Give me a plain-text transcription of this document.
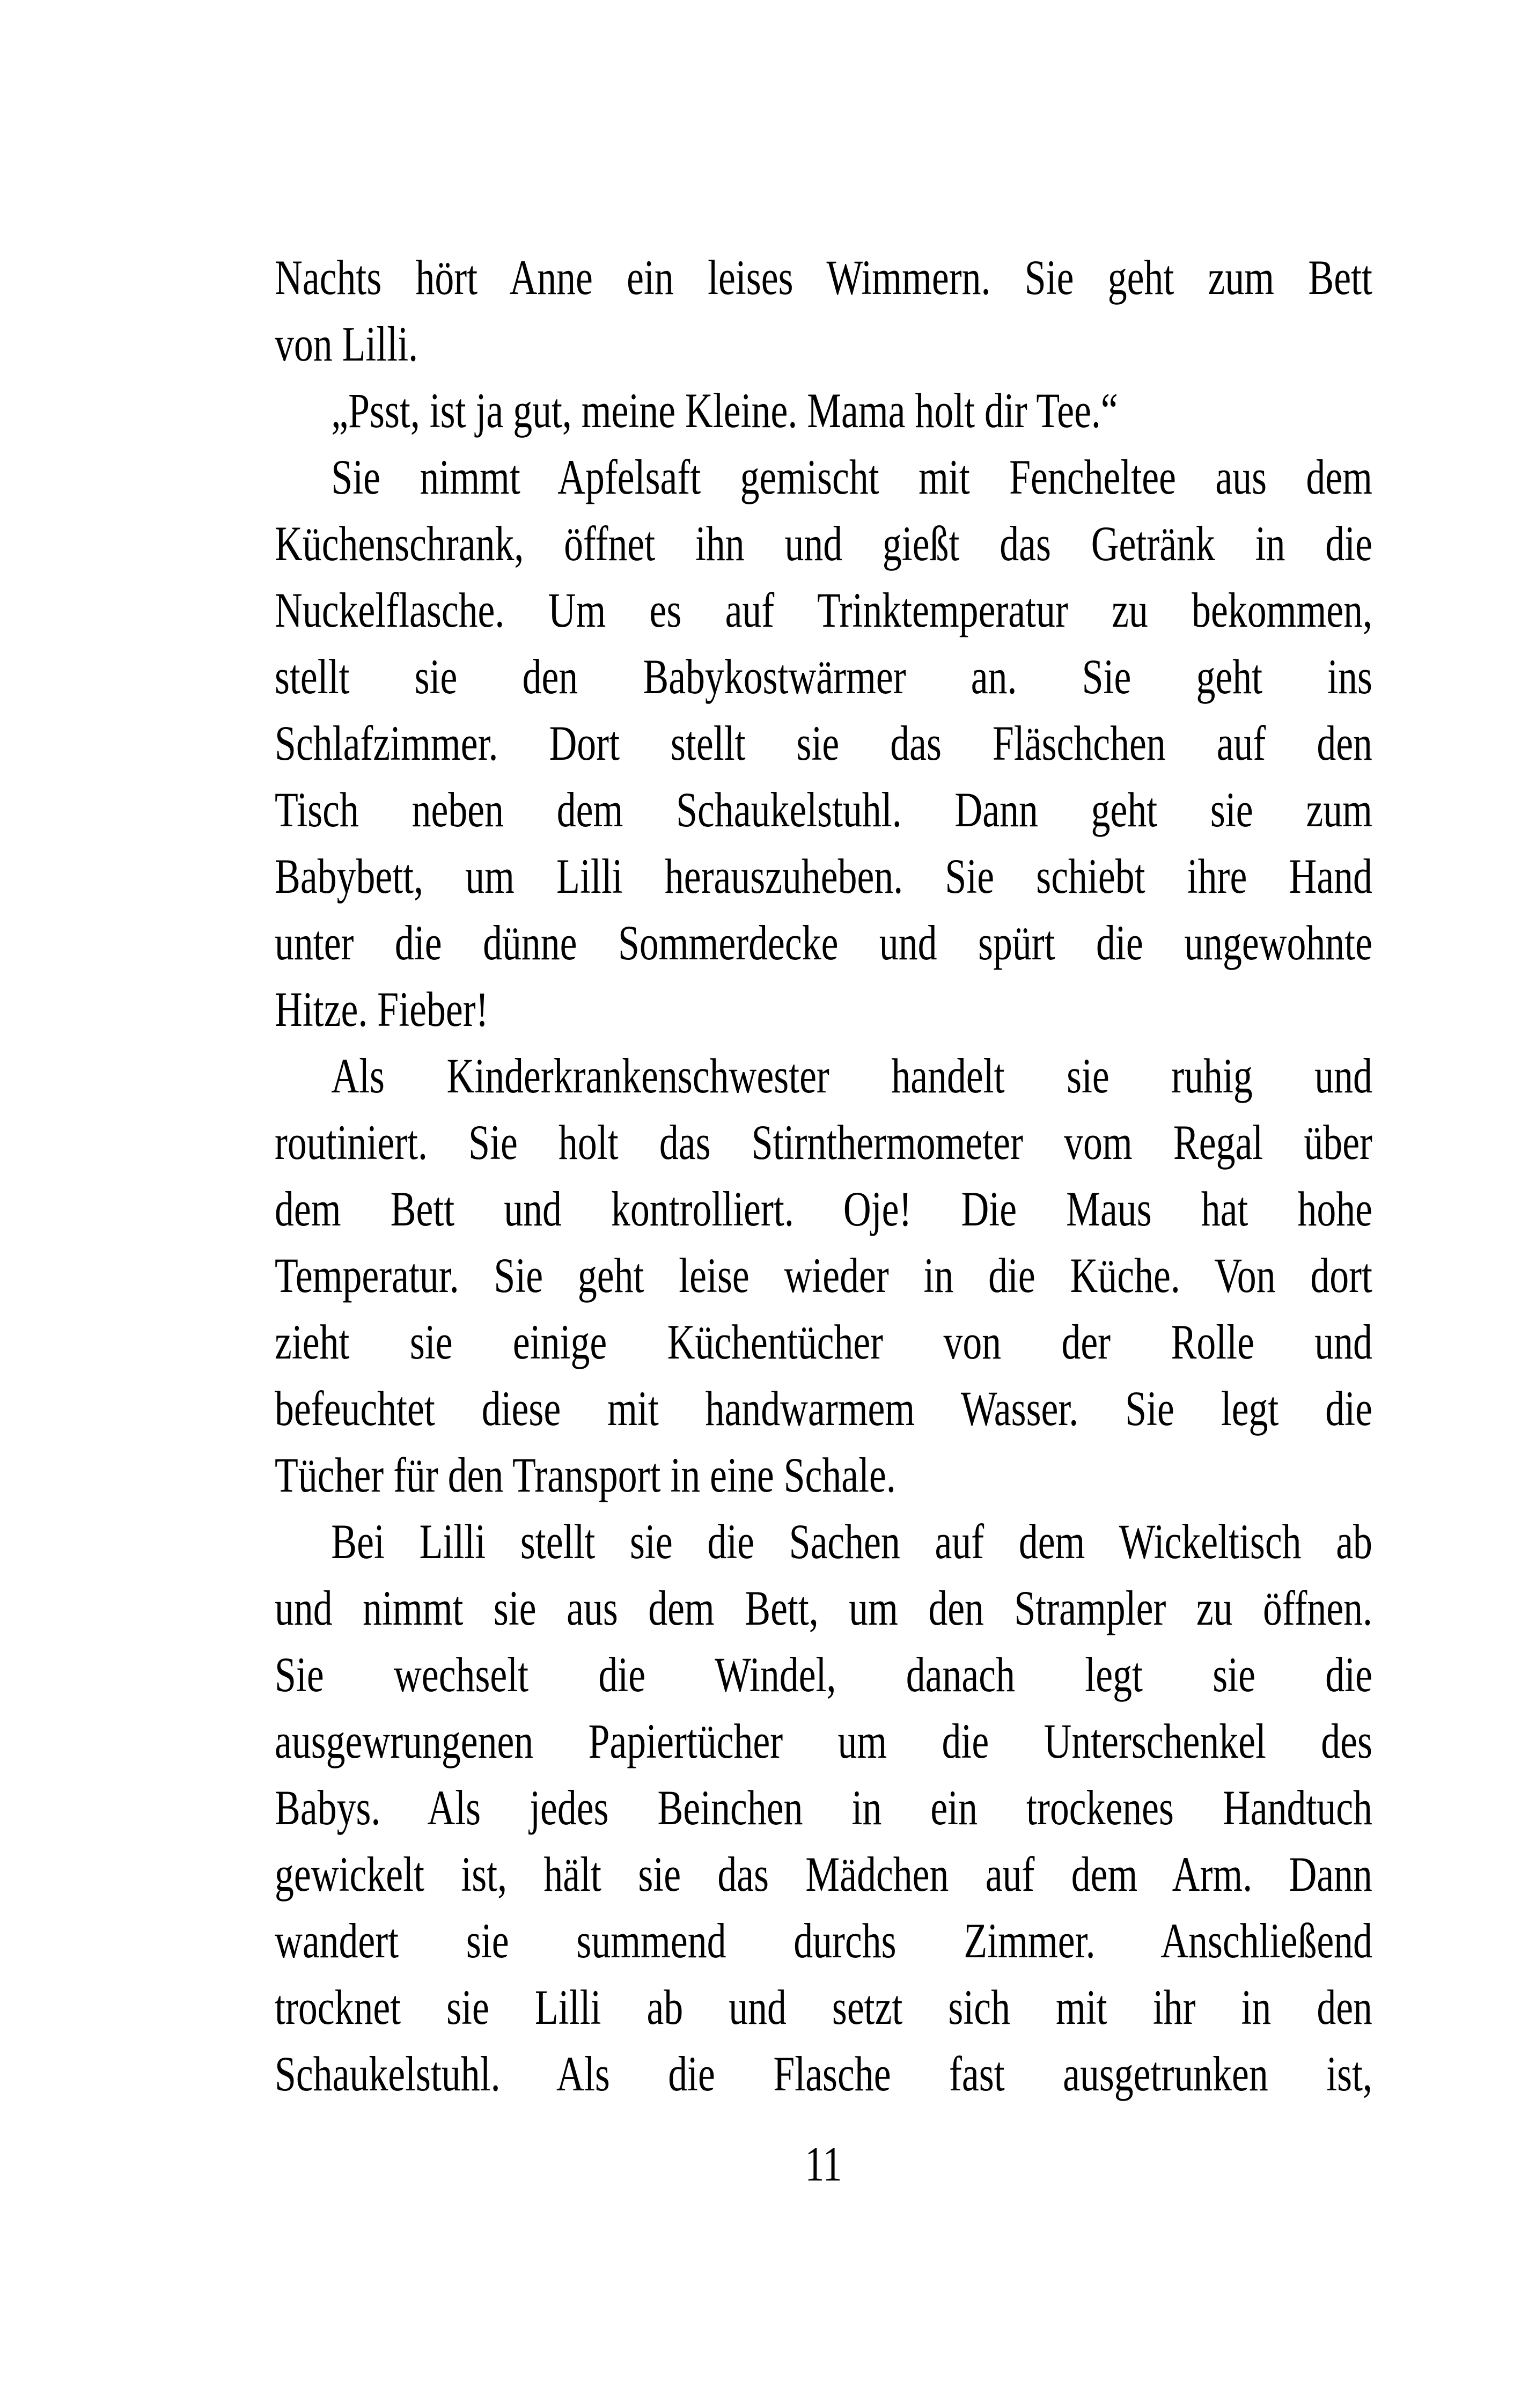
Nachts hört Anne ein leises Wimmern. Sie geht zum Bett
von Lilli.
„Psst, ist ja gut, meine Kleine. Mama holt dir Tee.“
Sie nimmt Apfelsaft gemischt mit Fencheltee aus dem
Küchenschrank, öffnet ihn und gießt das Getränk in die
Nuckelflasche. Um es auf Trinktemperatur zu bekommen,
stellt sie den Babykostwärmer an. Sie geht ins
Schlafzimmer. Dort stellt sie das Fläschchen auf den
Tisch neben dem Schaukelstuhl. Dann geht sie zum
Babybett, um Lilli herauszuheben. Sie schiebt ihre Hand
unter die dünne Sommerdecke und spürt die ungewohnte
Hitze. Fieber!
Als Kinderkrankenschwester handelt sie ruhig und
routiniert. Sie holt das Stirnthermometer vom Regal über
dem Bett und kontrolliert. Oje! Die Maus hat hohe
Temperatur. Sie geht leise wieder in die Küche. Von dort
zieht sie einige Küchentücher von der Rolle und
befeuchtet diese mit handwarmem Wasser. Sie legt die
Tücher für den Transport in eine Schale.
Bei Lilli stellt sie die Sachen auf dem Wickeltisch ab
und nimmt sie aus dem Bett, um den Strampler zu öffnen.
Sie wechselt die Windel, danach legt sie die
ausgewrungenen Papiertücher um die Unterschenkel des
Babys. Als jedes Beinchen in ein trockenes Handtuch
gewickelt ist, hält sie das Mädchen auf dem Arm. Dann
wandert sie summend durchs Zimmer. Anschließend
trocknet sie Lilli ab und setzt sich mit ihr in den
Schaukelstuhl. Als die Flasche fast ausgetrunken ist,
11
